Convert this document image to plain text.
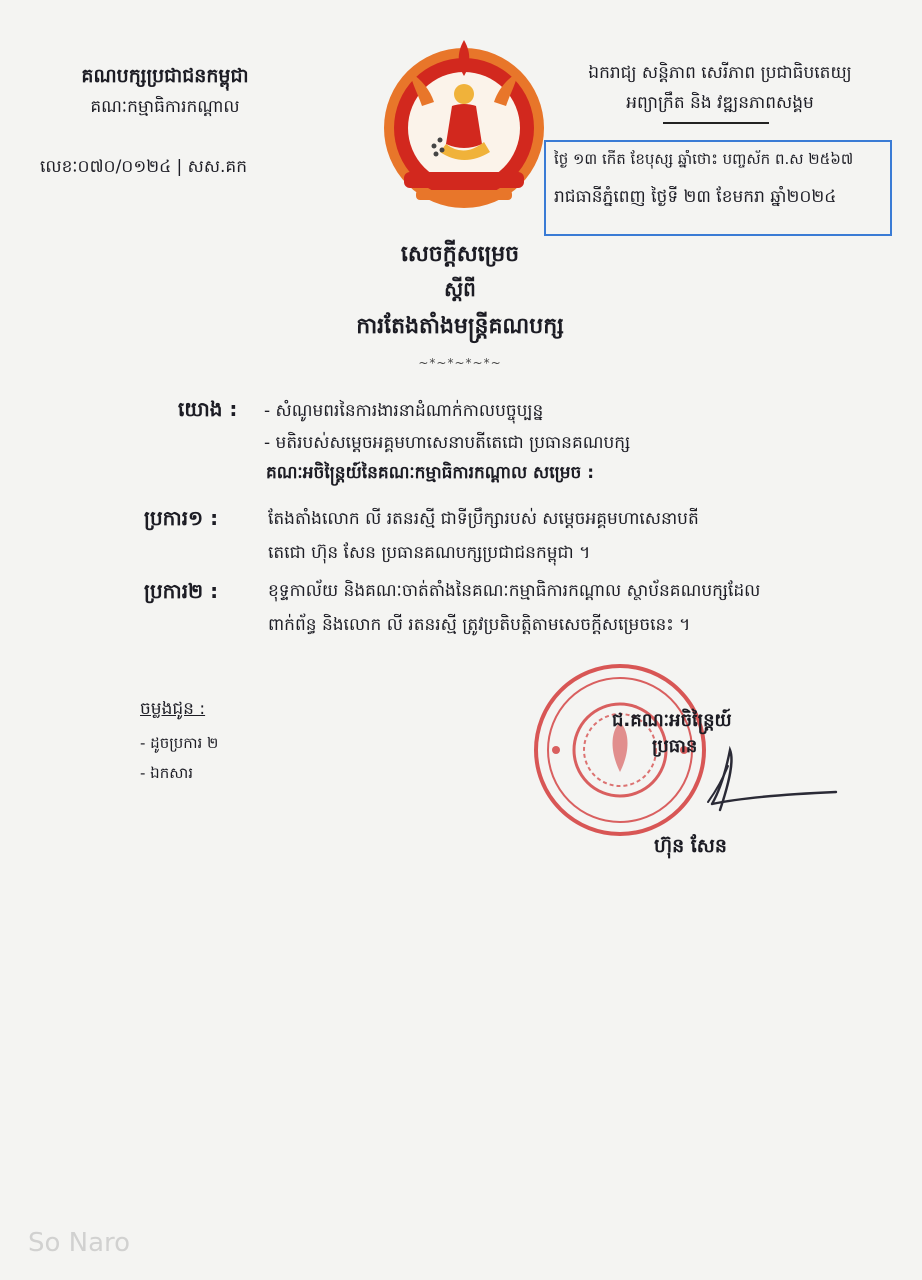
គណបក្សប្រជាជនកម្ពុជា
គណៈកម្មាធិការកណ្តាល
លេខៈ០៧០/០១២៤ | សស.គក
ឯករាជ្យ សន្តិភាព សេរីភាព ប្រជាធិបតេយ្យ
អព្យាក្រឹត និង វឌ្ឍនភាពសង្គម
ថ្ងៃ ១៣ កើត ខែបុស្ស ឆ្នាំថោះ បញ្ចស័ក ព.ស ២៥៦៧
រាជធានីភ្នំពេញ ថ្ងៃទី ២៣ ខែមករា ឆ្នាំ២០២៤
សេចក្តីសម្រេច
ស្តីពី
ការតែងតាំងមន្ត្រីគណបក្ស
~*~*~*~*~
យោង : - សំណូមពរនៃការងារនាដំណាក់កាលបច្ចុប្បន្ន
- មតិរបស់សម្តេចអគ្គមហាសេនាបតីតេជោ ប្រធានគណបក្ស
គណៈអចិន្ត្រៃយ៍នៃគណៈកម្មាធិការកណ្តាល សម្រេច :
ប្រការ១ :	តែងតាំងលោក លី រតនរស្មី ជាទីប្រឹក្សារបស់ សម្តេចអគ្គមហាសេនាបតី
តេជោ ហ៊ុន សែន ប្រធានគណបក្សប្រជាជនកម្ពុជា ។
ប្រការ២ :	ខុទ្ទកាល័យ និងគណៈចាត់តាំងនៃគណៈកម្មាធិការកណ្តាល ស្ថាប័នគណបក្សដែល
ពាក់ព័ន្ធ និងលោក លី រតនរស្មី ត្រូវប្រតិបត្តិតាមសេចក្តីសម្រេចនេះ ។
ចម្លងជូន :
- ដូចប្រការ ២
- ឯកសារ
ជ.គណៈអចិន្ត្រៃយ៍
ប្រធាន
ហ៊ុន សែន
So Naro
